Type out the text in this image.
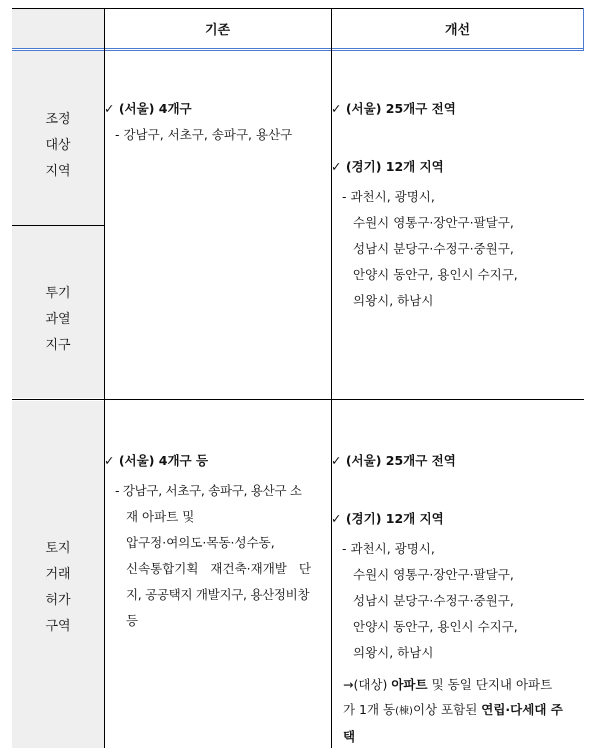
기존	개선
조정
대상
지역
투기
과열
지구
토지
거래
허가
구역
✓ (서울) 4개구
- 강남구, 서초구, 송파구, 용산구
✓ (서울) 25개구 전역
✓ (경기) 12개 지역
- 과천시, 광명시,
수원시 영통구·장안구·팔달구,
성남시 분당구·수정구·중원구,
안양시 동안구, 용인시 수지구,
의왕시, 하남시
✓ (서울) 4개구 등
- 강남구, 서초구, 송파구, 용산구 소
재 아파트 및
압구정·여의도·목동·성수동,
신속통합기획 재건축·재개발 단
지, 공공택지 개발지구, 용산정비창
등
✓ (서울) 25개구 전역
✓ (경기) 12개 지역
- 과천시, 광명시,
수원시 영통구·장안구·팔달구,
성남시 분당구·수정구·중원구,
안양시 동안구, 용인시 수지구,
의왕시, 하남시
→(대상) 아파트 및 동일 단지내 아파트
가 1개 동(棟)이상 포함된 연립·다세대 주
택
